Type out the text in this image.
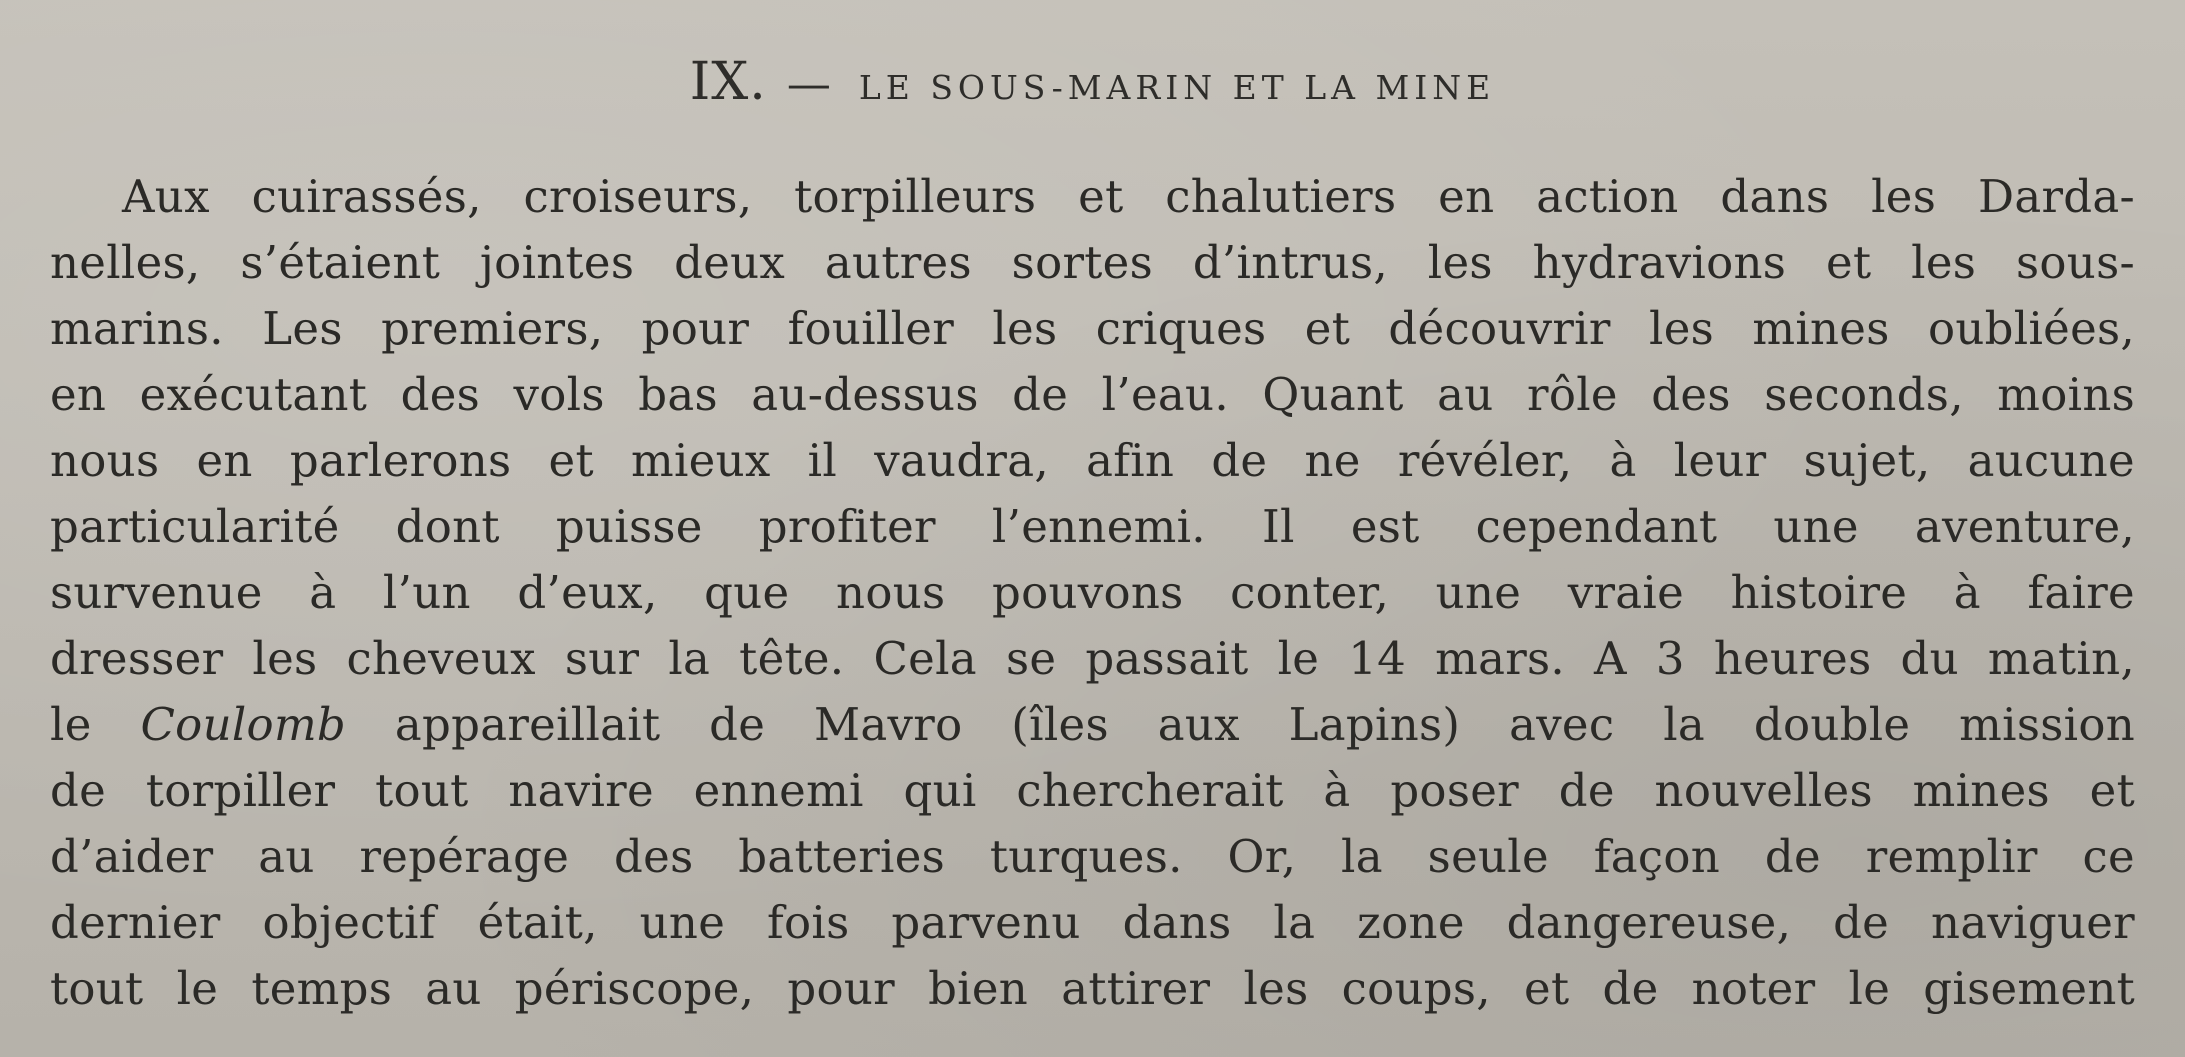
IX. — LE SOUS-MARIN ET LA MINE
Aux cuirassés, croiseurs, torpilleurs et chalutiers en action dans les Darda-
nelles, s’étaient jointes deux autres sortes d’intrus, les hydravions et les sous-
marins. Les premiers, pour fouiller les criques et découvrir les mines oubliées,
en exécutant des vols bas au-dessus de l’eau. Quant au rôle des seconds, moins
nous en parlerons et mieux il vaudra, afin de ne révéler, à leur sujet, aucune
particularité dont puisse profiter l’ennemi. Il est cependant une aventure,
survenue à l’un d’eux, que nous pouvons conter, une vraie histoire à faire
dresser les cheveux sur la tête. Cela se passait le 14 mars. A 3 heures du matin,
le Coulomb appareillait de Mavro (îles aux Lapins) avec la double mission
de torpiller tout navire ennemi qui chercherait à poser de nouvelles mines et
d’aider au repérage des batteries turques. Or, la seule façon de remplir ce
dernier objectif était, une fois parvenu dans la zone dangereuse, de naviguer
tout le temps au périscope, pour bien attirer les coups, et de noter le gisement
